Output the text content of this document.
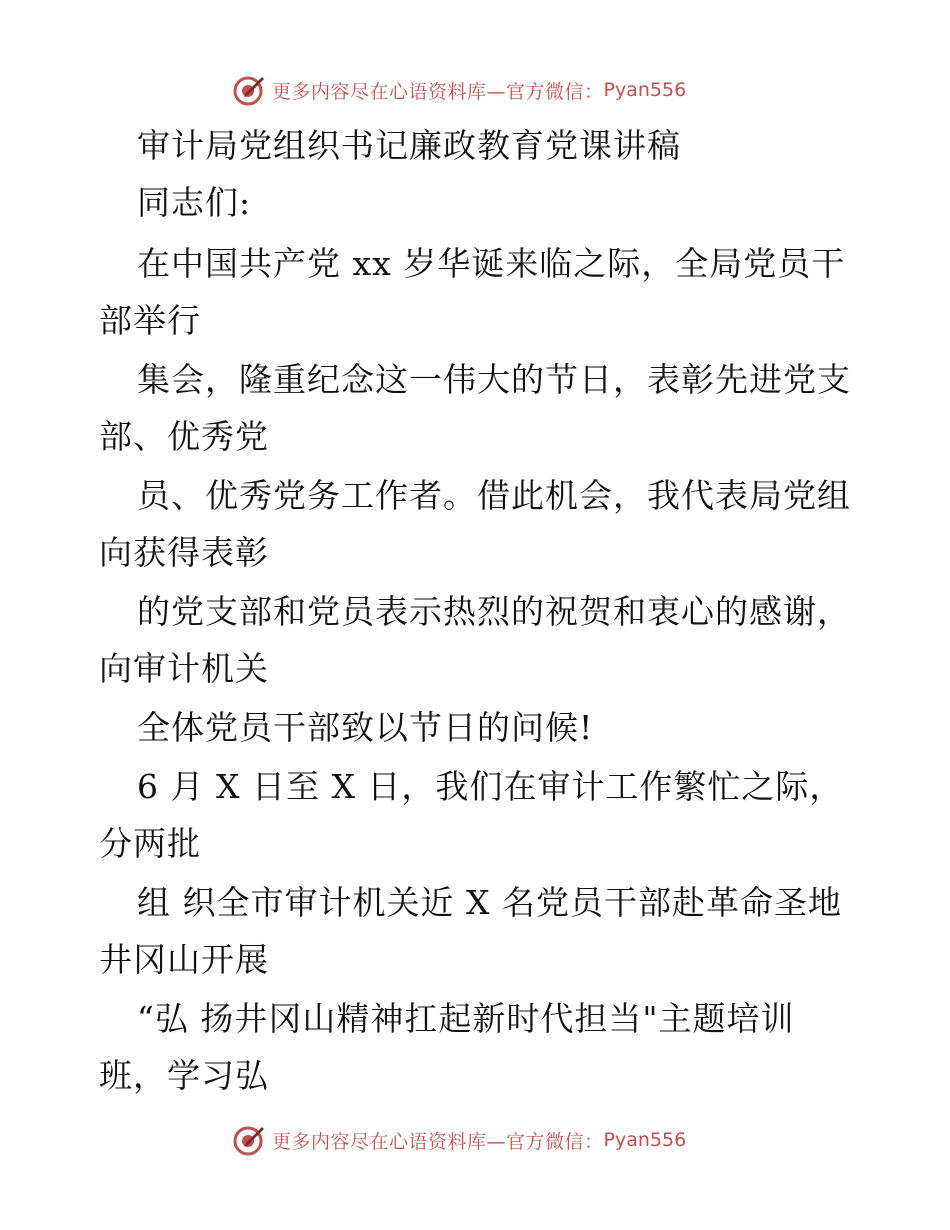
更多内容尽在心语资料库—官方微信： Pyan556
审计局党组织书记廉政教育党课讲稿
同志们:
在中国共产党 xx 岁华诞来临之际，全局党员干
部举行
集会，隆重纪念这一伟大的节日，表彰先进党支
部、优秀党
员、优秀党务工作者。借此机会，我代表局党组
向获得表彰
的党支部和党员表示热烈的祝贺和衷心的感谢，
向审计机关
全体党员干部致以节日的问候!
6 月 X 日至 X 日，我们在审计工作繁忙之际，
分两批
组 织全市审计机关近 X 名党员干部赴革命圣地
井冈山开展
“弘 扬井冈山精神扛起新时代担当"主题培训
班，学习弘
更多内容尽在心语资料库—官方微信： Pyan556
